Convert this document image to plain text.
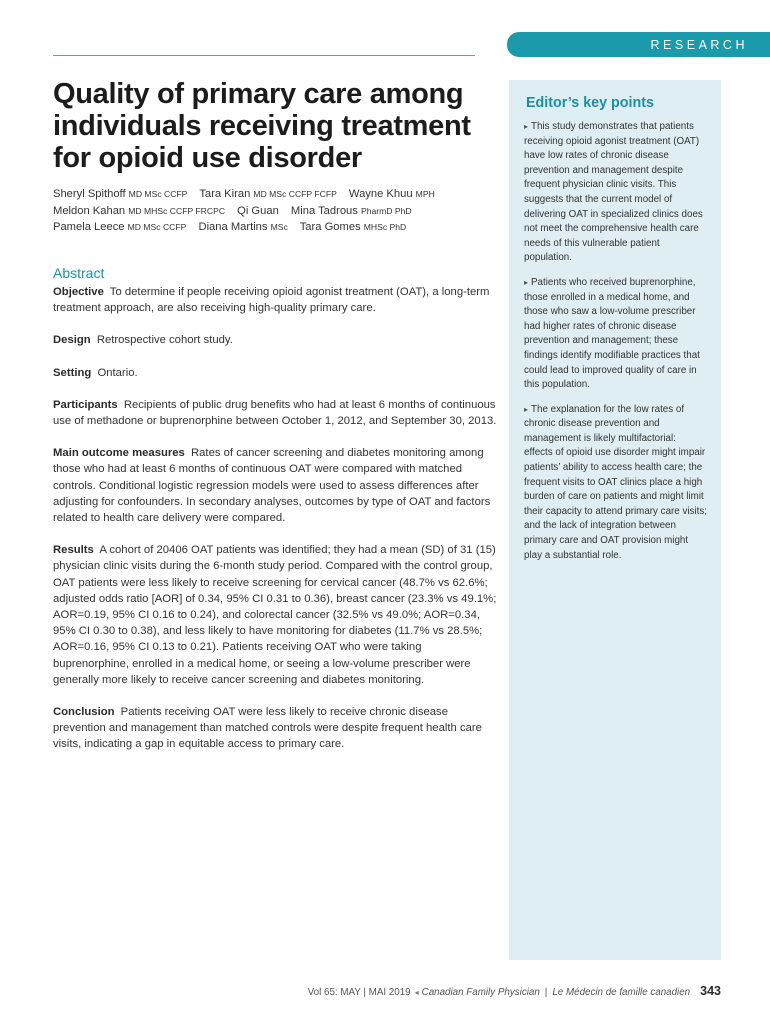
RESEARCH
Quality of primary care among individuals receiving treatment for opioid use disorder
Sheryl Spithoff MD MSc CCFP Tara Kiran MD MSc CCFP FCFP Wayne Khuu MPH
Meldon Kahan MD MHSc CCFP FRCPC Qi Guan Mina Tadrous PharmD PhD
Pamela Leece MD MSc CCFP Diana Martins MSc Tara Gomes MHSc PhD
Abstract

Objective To determine if people receiving opioid agonist treatment (OAT), a long-term treatment approach, are also receiving high-quality primary care.

Design Retrospective cohort study.

Setting Ontario.

Participants Recipients of public drug benefits who had at least 6 months of continuous use of methadone or buprenorphine between October 1, 2012, and September 30, 2013.

Main outcome measures Rates of cancer screening and diabetes monitoring among those who had at least 6 months of continuous OAT were compared with matched controls. Conditional logistic regression models were used to assess differences after adjusting for confounders. In secondary analyses, outcomes by type of OAT and factors related to health care delivery were compared.

Results A cohort of 20406 OAT patients was identified; they had a mean (SD) of 31 (15) physician clinic visits during the 6-month study period. Compared with the control group, OAT patients were less likely to receive screening for cervical cancer (48.7% vs 62.6%; adjusted odds ratio [AOR] of 0.34, 95% CI 0.31 to 0.36), breast cancer (23.3% vs 49.1%; AOR=0.19, 95% CI 0.16 to 0.24), and colorectal cancer (32.5% vs 49.0%; AOR=0.34, 95% CI 0.30 to 0.38), and less likely to have monitoring for diabetes (11.7% vs 28.5%; AOR=0.16, 95% CI 0.13 to 0.21). Patients receiving OAT who were taking buprenorphine, enrolled in a medical home, or seeing a low-volume prescriber were generally more likely to receive cancer screening and diabetes monitoring.

Conclusion Patients receiving OAT were less likely to receive chronic disease prevention and management than matched controls were despite frequent health care visits, indicating a gap in equitable access to primary care.

Editor’s key points

▸ This study demonstrates that patients receiving opioid agonist treatment (OAT) have low rates of chronic disease prevention and management despite frequent physician clinic visits. This suggests that the current model of delivering OAT in specialized clinics does not meet the comprehensive health care needs of this vulnerable patient population.

▸ Patients who received buprenorphine, those enrolled in a medical home, and those who saw a low-volume prescriber had higher rates of chronic disease prevention and management; these findings identify modifiable practices that could lead to improved quality of care in this population.

▸ The explanation for the low rates of chronic disease prevention and management is likely multifactorial: effects of opioid use disorder might impair patients’ ability to access health care; the frequent visits to OAT clinics place a high burden of care on patients and might limit their capacity to attend primary care visits; and the lack of integration between primary care and OAT provision might play a substantial role.

Vol 65: MAY | MAI 2019 ◂ Canadian Family Physician | Le Médecin de famille canadien 343
